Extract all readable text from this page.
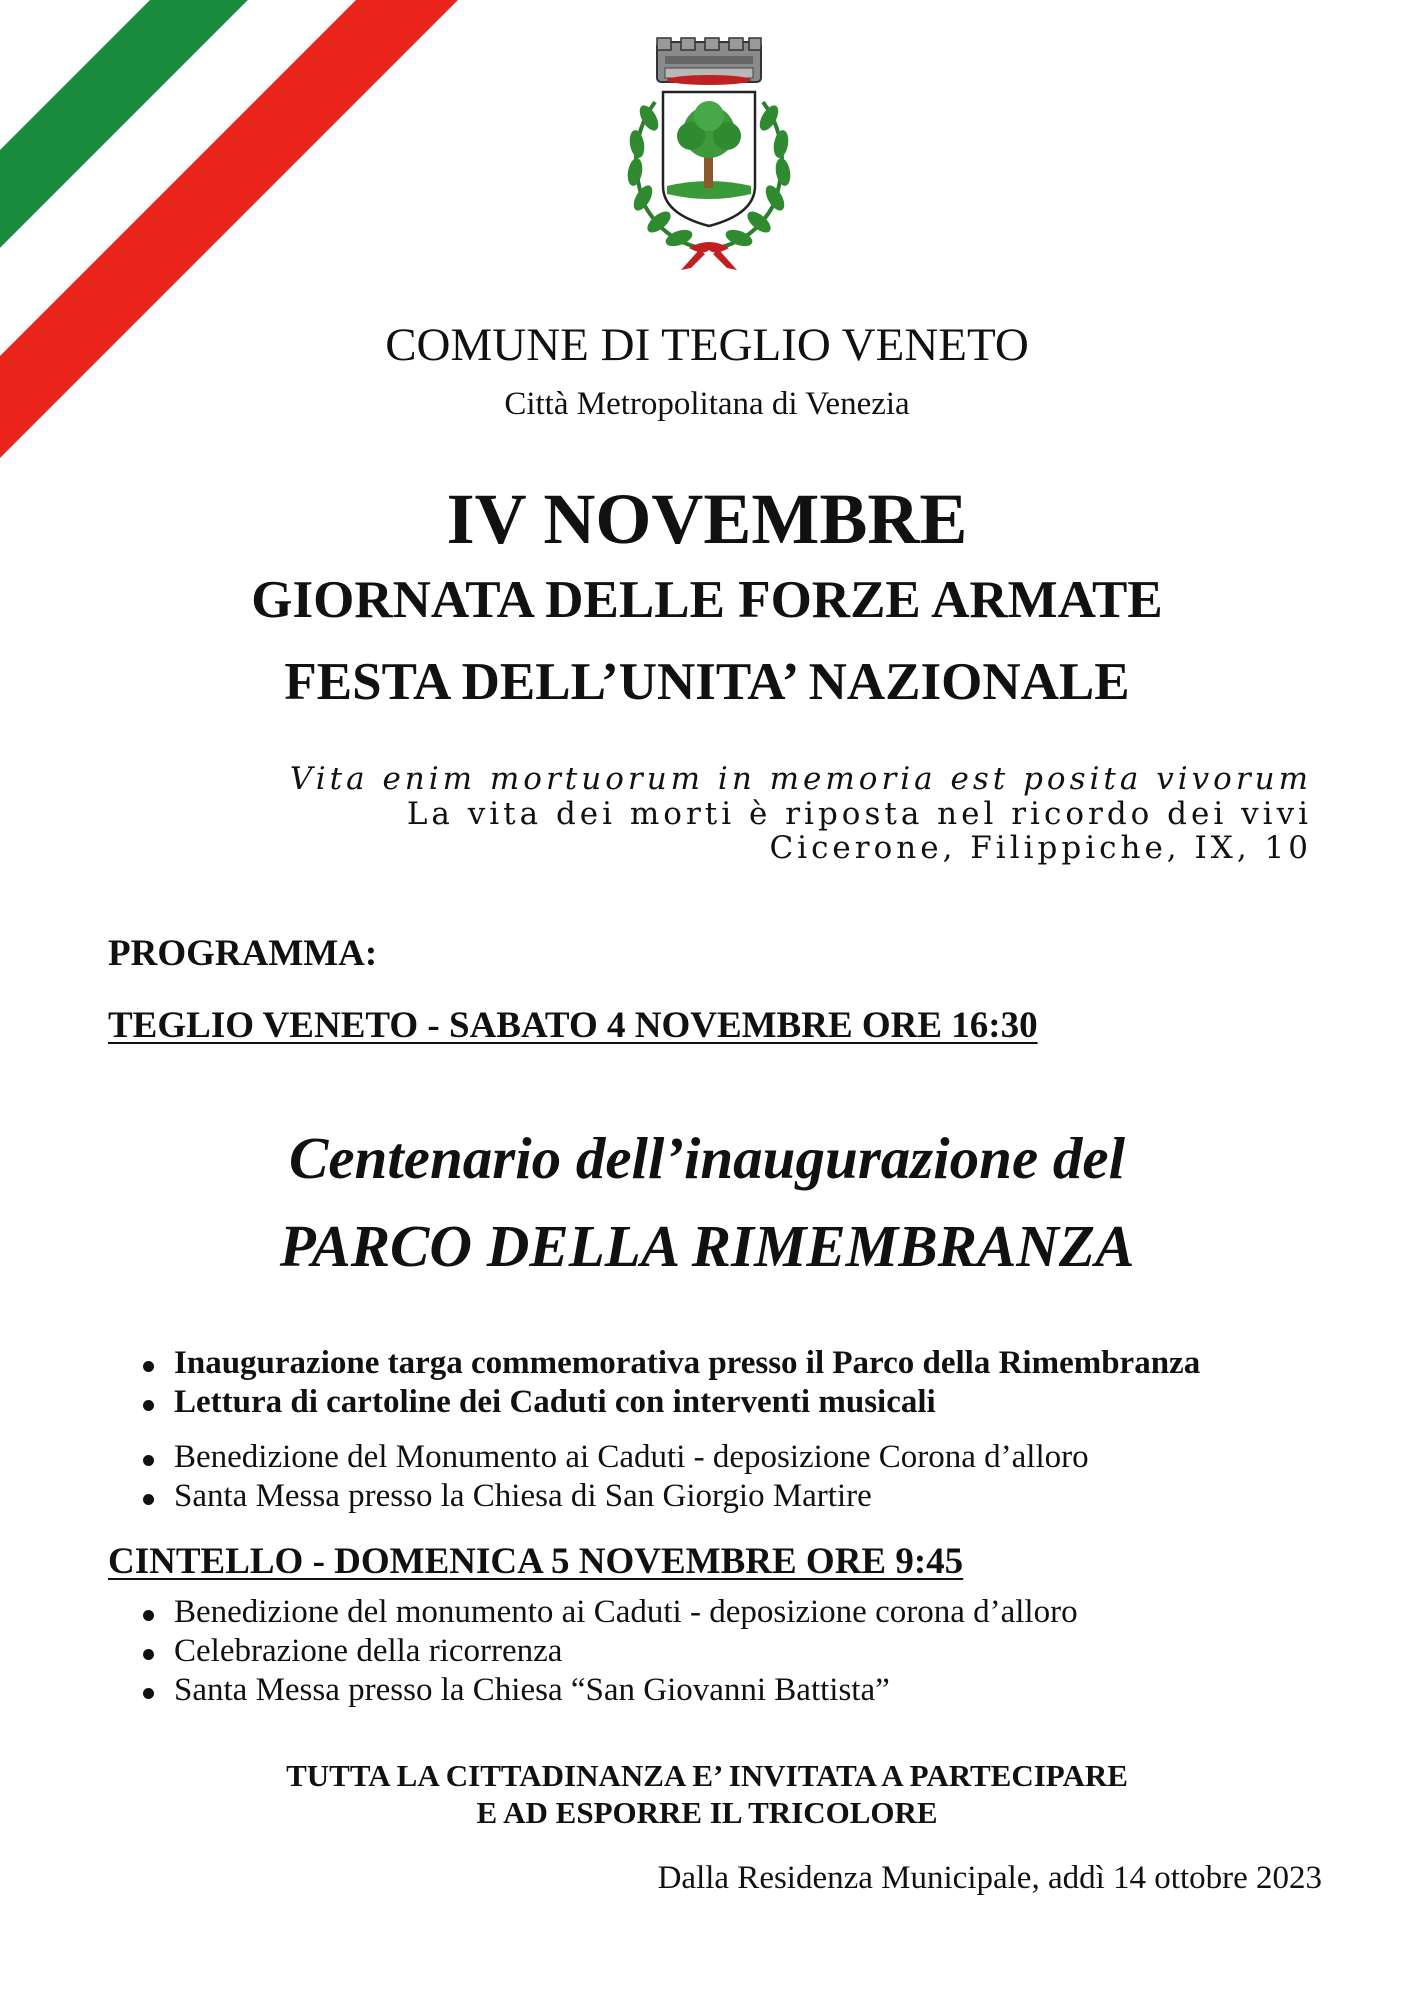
COMUNE DI TEGLIO VENETO
Città Metropolitana di Venezia
IV NOVEMBRE
GIORNATA DELLE FORZE ARMATE
FESTA DELL’UNITA’ NAZIONALE
Vita enim mortuorum in memoria est posita vivorum
La vita dei morti è riposta nel ricordo dei vivi
Cicerone, Filippiche, IX, 10
PROGRAMMA:
TEGLIO VENETO - SABATO 4 NOVEMBRE ORE 16:30
Centenario dell’inaugurazione del
PARCO DELLA RIMEMBRANZA
Inaugurazione targa commemorativa presso il Parco della Rimembranza
Lettura di cartoline dei Caduti con interventi musicali
Benedizione del Monumento ai Caduti - deposizione Corona d’alloro
Santa Messa presso la Chiesa di San Giorgio Martire
CINTELLO - DOMENICA 5 NOVEMBRE ORE 9:45
Benedizione del monumento ai Caduti - deposizione corona d’alloro
Celebrazione della ricorrenza
Santa Messa presso la Chiesa “San Giovanni Battista”
TUTTA LA CITTADINANZA E’ INVITATA A PARTECIPARE
E AD ESPORRE IL TRICOLORE
Dalla Residenza Municipale, addì 14 ottobre 2023
